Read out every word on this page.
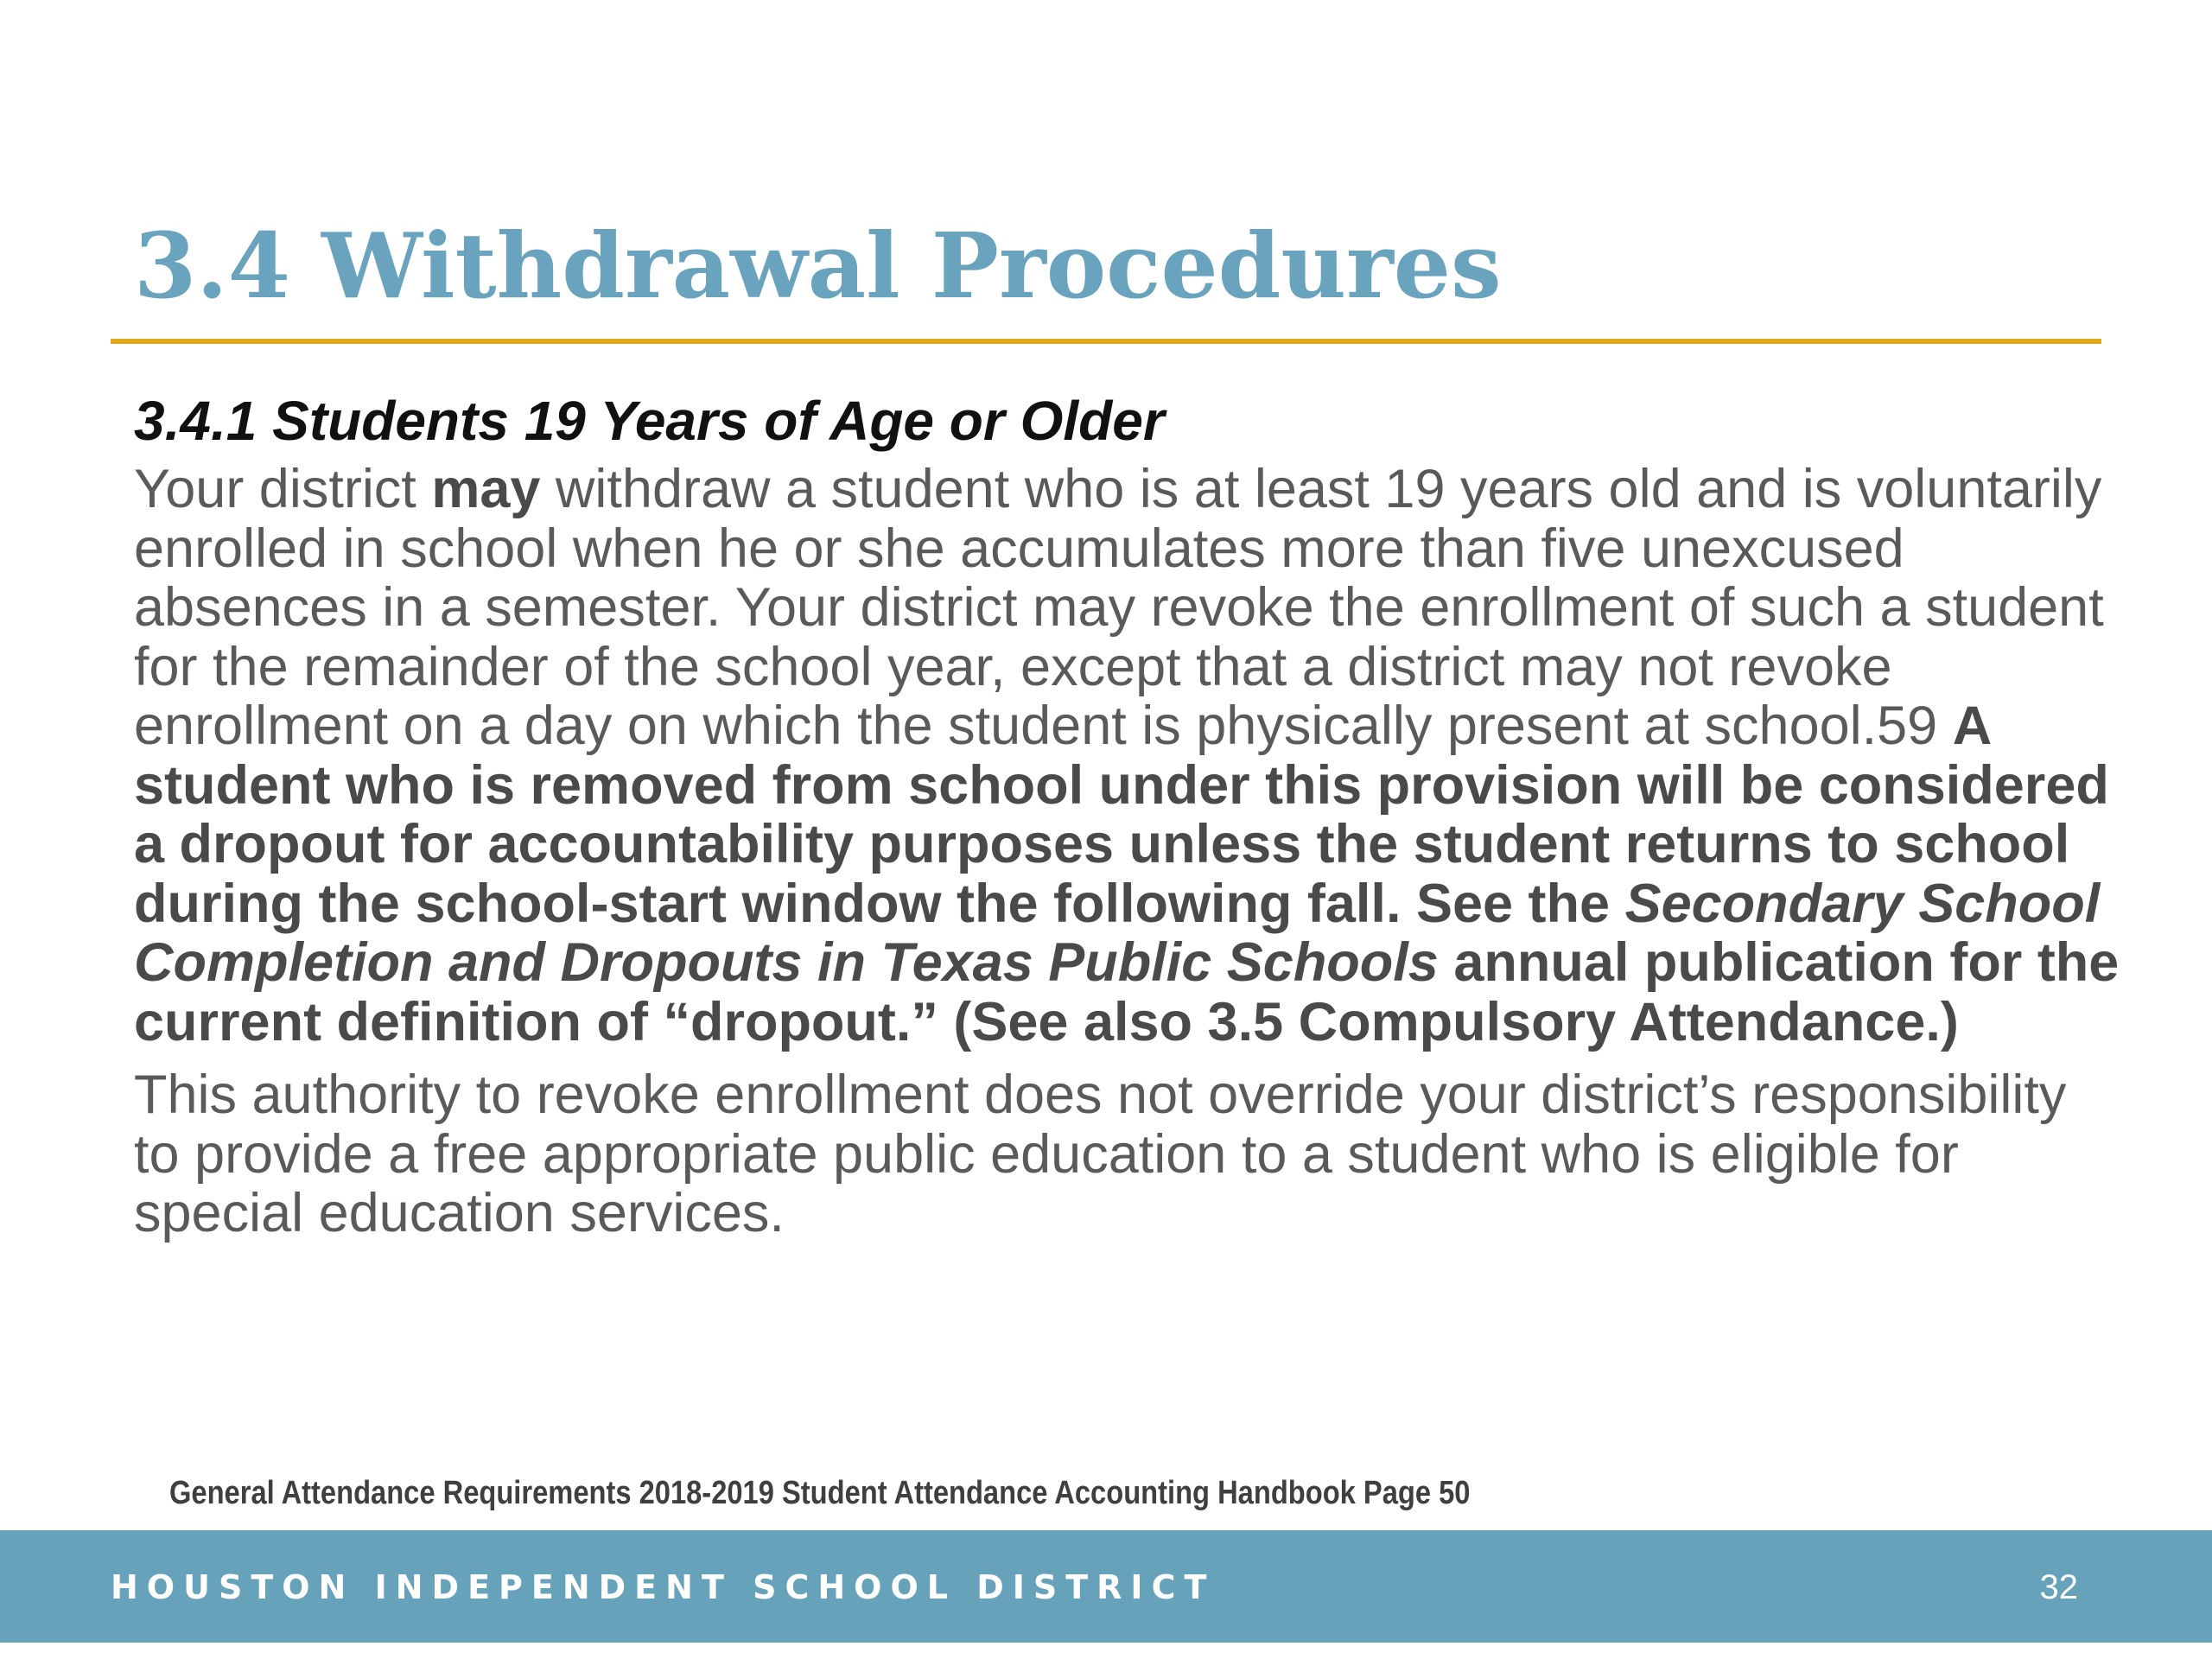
3.4 Withdrawal Procedures
3.4.1 Students 19 Years of Age or Older

Your district may withdraw a student who is at least 19 years old and is voluntarily enrolled in school when he or she accumulates more than five unexcused absences in a semester. Your district may revoke the enrollment of such a student for the remainder of the school year, except that a district may not revoke enrollment on a day on which the student is physically present at school.59 A student who is removed from school under this provision will be considered a dropout for accountability purposes unless the student returns to school during the school-start window the following fall. See the Secondary School Completion and Dropouts in Texas Public Schools annual publication for the current definition of “dropout.” (See also 3.5 Compulsory Attendance.)

This authority to revoke enrollment does not override your district’s responsibility to provide a free appropriate public education to a student who is eligible for special education services.

General Attendance Requirements 2018-2019 Student Attendance Accounting Handbook Page 50
HOUSTON INDEPENDENT SCHOOL DISTRICT	32
